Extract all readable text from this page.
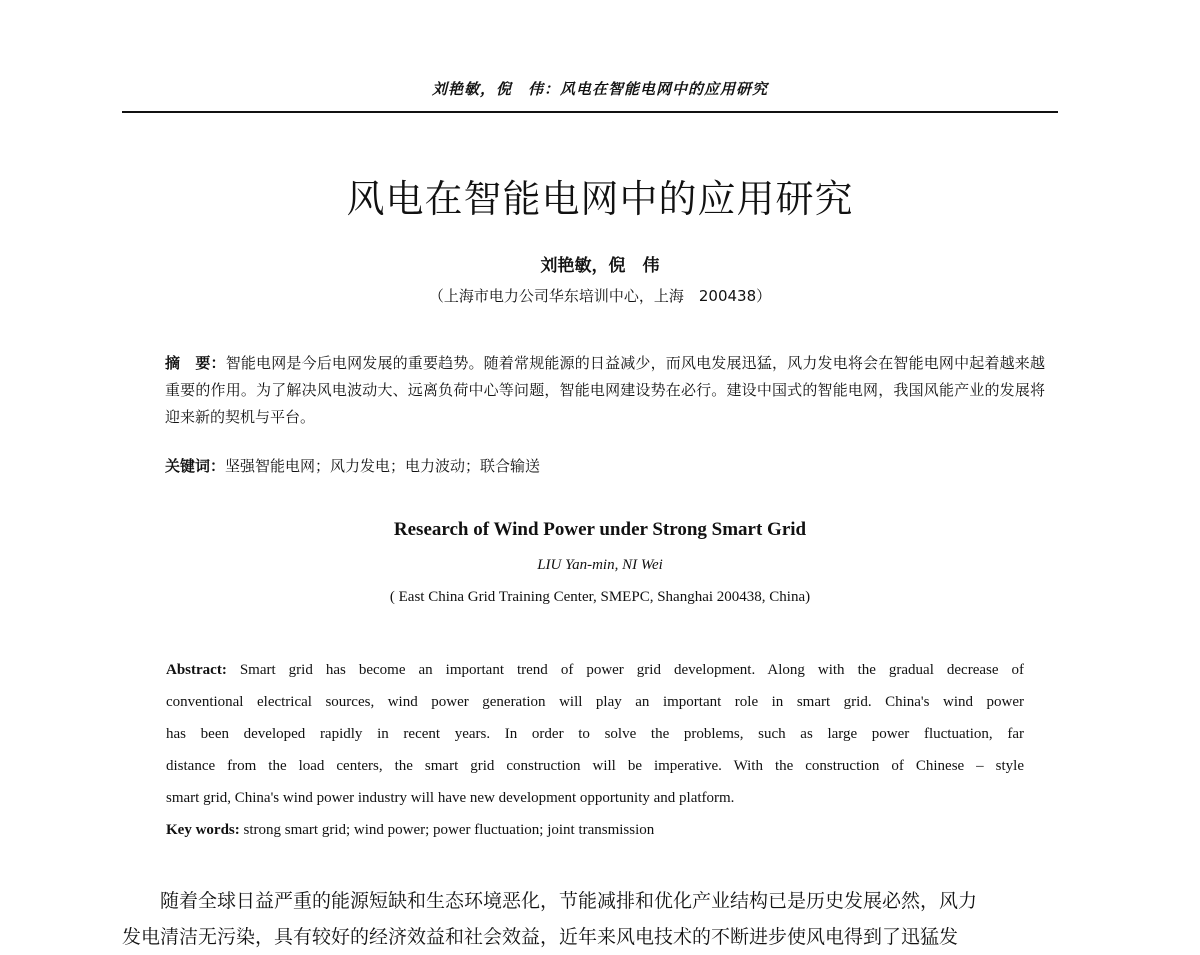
刘艳敏，倪　伟：风电在智能电网中的应用研究
风电在智能电网中的应用研究
刘艳敏，倪　伟
（上海市电力公司华东培训中心，上海　200438）

摘　要：智能电网是今后电网发展的重要趋势。随着常规能源的日益减少，而风电发展迅猛，风力发电将会在智能电网中起着越来越重要的作用。为了解决风电波动大、远离负荷中心等问题，智能电网建设势在必行。建设中国式的智能电网，我国风能产业的发展将迎来新的契机与平台。

关键词：坚强智能电网；风力发电；电力波动；联合输送
Research of Wind Power under Strong Smart Grid
LIU Yan-min, NI Wei
( East China Grid Training Center, SMEPC, Shanghai 200438, China)

Abstract: Smart grid has become an important trend of power grid development. Along with the gradual decrease of
conventional electrical sources, wind power generation will play an important role in smart grid. China's wind power
has been developed rapidly in recent years. In order to solve the problems, such as large power fluctuation, far
distance from the load centers, the smart grid construction will be imperative. With the construction of Chinese – style
smart grid, China's wind power industry will have new development opportunity and platform.

Key words: strong smart grid; wind power; power fluctuation; joint transmission
随着全球日益严重的能源短缺和生态环境恶化，节能减排和优化产业结构已是历史发展必然，风力
发电清洁无污染，具有较好的经济效益和社会效益，近年来风电技术的不断进步使风电得到了迅猛发
